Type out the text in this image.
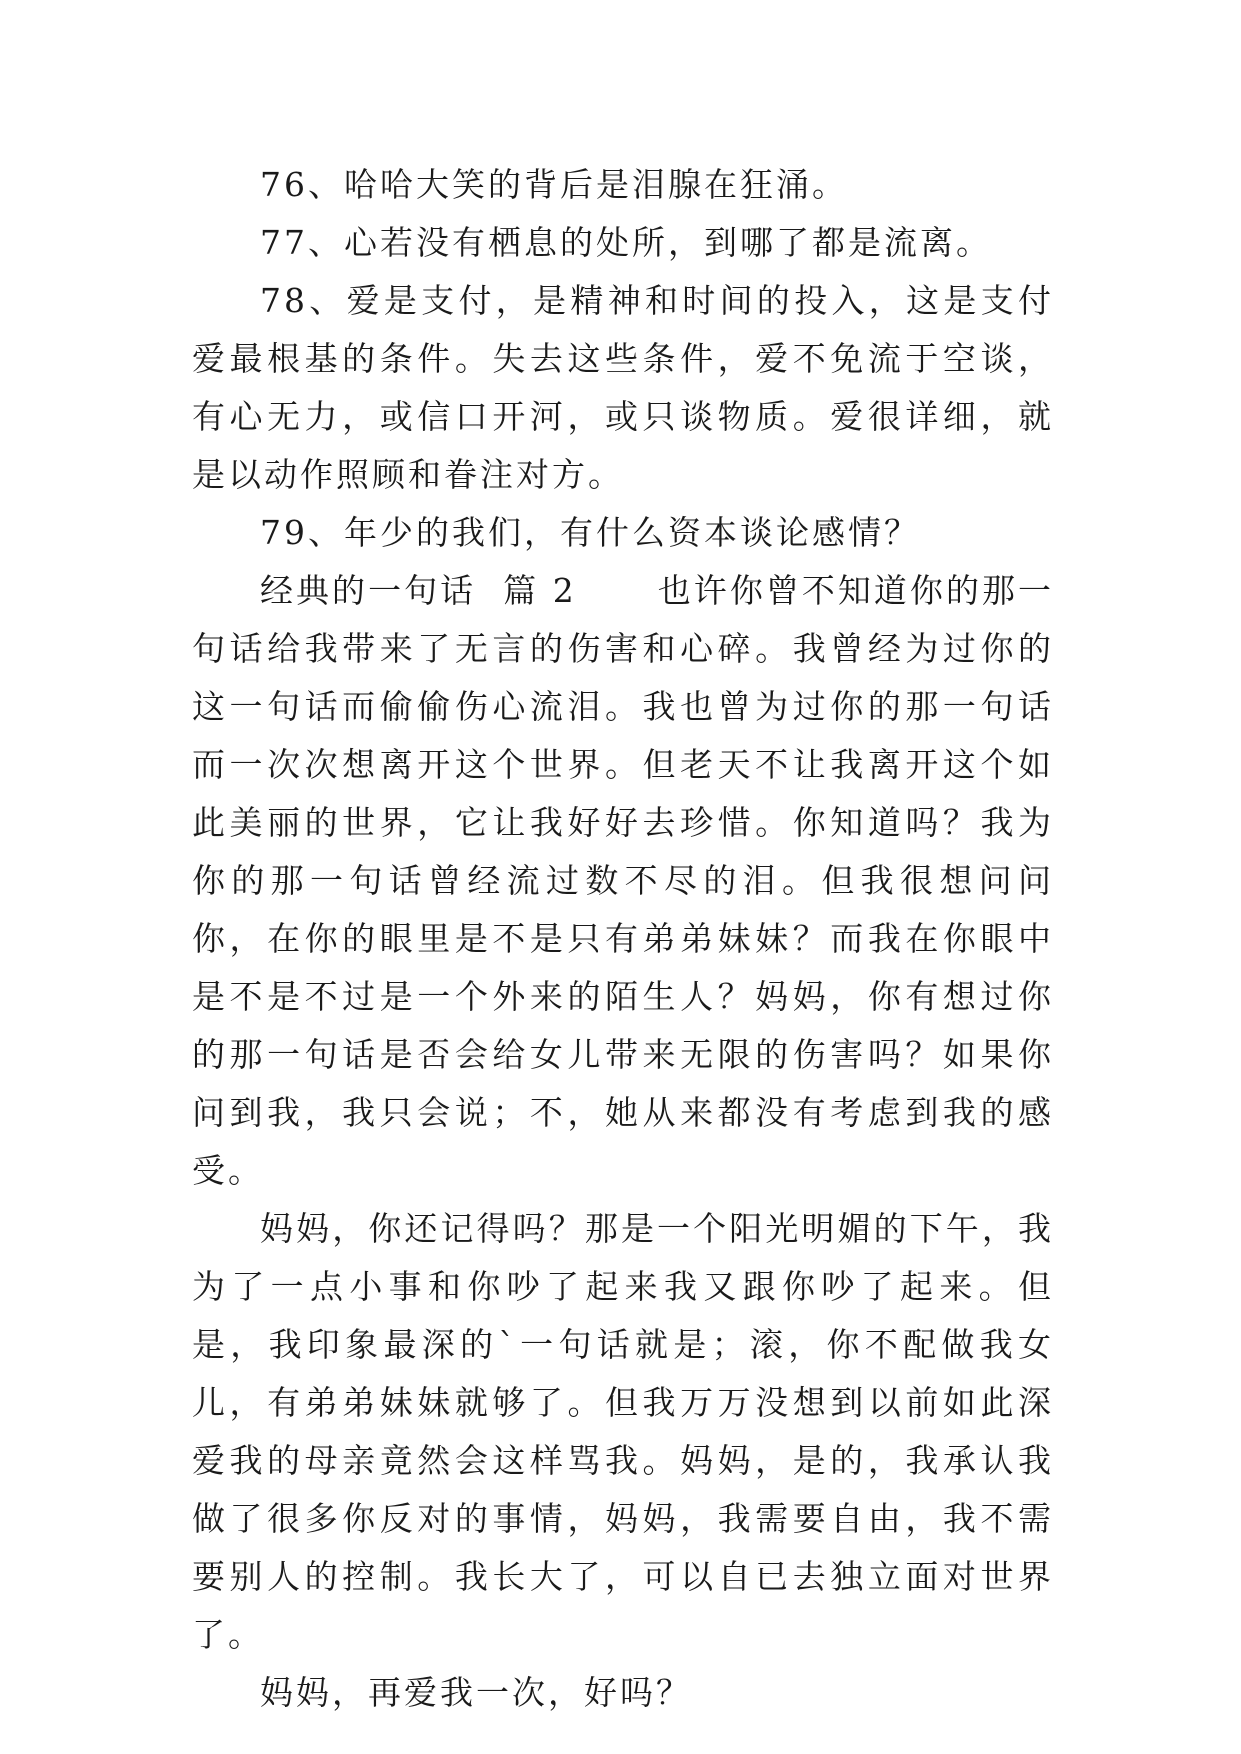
76、哈哈大笑的背后是泪腺在狂涌。

77、心若没有栖息的处所，到哪了都是流离。

78、爱是支付，是精神和时间的投入，这是支付爱最根基的条件。失去这些条件，爱不免流于空谈，有心无力，或信口开河，或只谈物质。爱很详细，就是以动作照顾和眷注对方。

79、年少的我们，有什么资本谈论感情？

经典的一句话  篇 2      也许你曾不知道你的那一句话给我带来了无言的伤害和心碎。我曾经为过你的这一句话而偷偷伤心流泪。我也曾为过你的那一句话而一次次想离开这个世界。但老天不让我离开这个如此美丽的世界，它让我好好去珍惜。你知道吗？我为你的那一句话曾经流过数不尽的泪。但我很想问问你，在你的眼里是不是只有弟弟妹妹？而我在你眼中是不是不过是一个外来的陌生人？妈妈，你有想过你的那一句话是否会给女儿带来无限的伤害吗？如果你问到我，我只会说；不，她从来都没有考虑到我的感受。

妈妈，你还记得吗？那是一个阳光明媚的下午，我为了一点小事和你吵了起来我又跟你吵了起来。但是，我印象最深的`一句话就是；滚，你不配做我女儿，有弟弟妹妹就够了。但我万万没想到以前如此深爱我的母亲竟然会这样骂我。妈妈，是的，我承认我做了很多你反对的事情，妈妈，我需要自由，我不需要别人的控制。我长大了，可以自已去独立面对世界了。

妈妈，再爱我一次，好吗？
